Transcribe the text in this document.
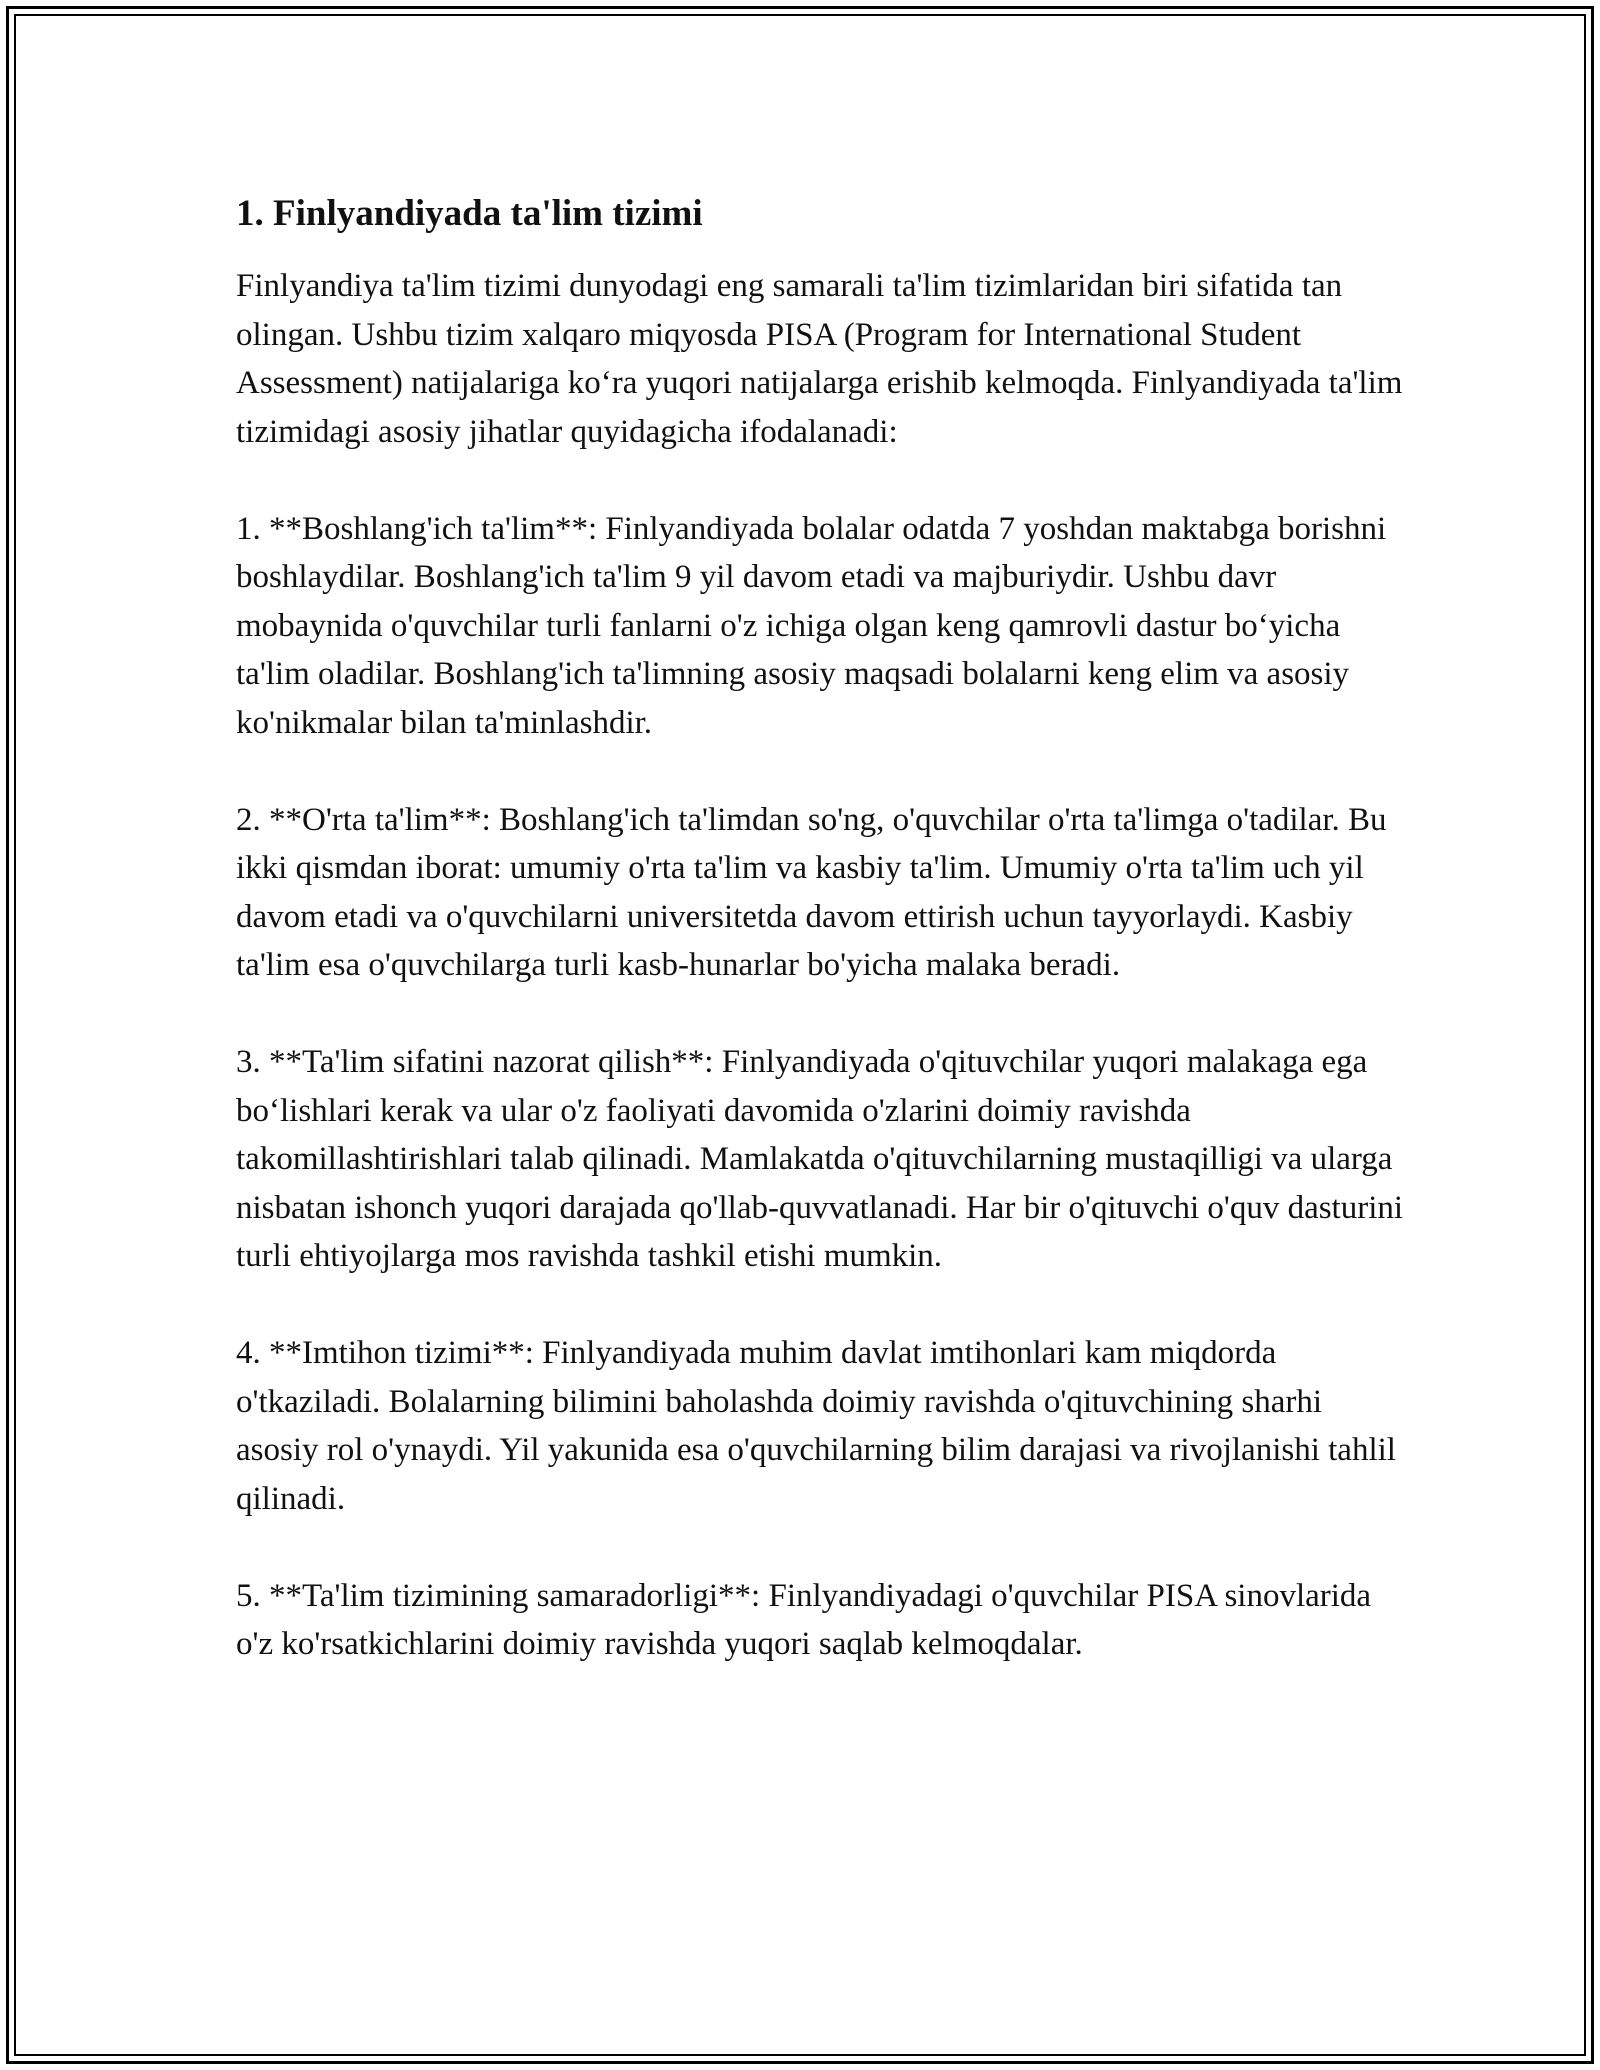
1. Finlyandiyada ta'lim tizimi

Finlyandiya ta'lim tizimi dunyodagi eng samarali ta'lim tizimlaridan biri sifatida tan olingan. Ushbu tizim xalqaro miqyosda PISA (Program for International Student Assessment) natijalariga ko‘ra yuqori natijalarga erishib kelmoqda. Finlyandiyada ta'lim tizimidagi asosiy jihatlar quyidagicha ifodalanadi:

1. **Boshlang'ich ta'lim**: Finlyandiyada bolalar odatda 7 yoshdan maktabga borishni boshlaydilar. Boshlang'ich ta'lim 9 yil davom etadi va majburiydir. Ushbu davr mobaynida o'quvchilar turli fanlarni o'z ichiga olgan keng qamrovli dastur bo‘yicha ta'lim oladilar. Boshlang'ich ta'limning asosiy maqsadi bolalarni keng elim va asosiy ko'nikmalar bilan ta'minlashdir.

2. **O'rta ta'lim**: Boshlang'ich ta'limdan so'ng, o'quvchilar o'rta ta'limga o'tadilar. Bu ikki qismdan iborat: umumiy o'rta ta'lim va kasbiy ta'lim. Umumiy o'rta ta'lim uch yil davom etadi va o'quvchilarni universitetda davom ettirish uchun tayyorlaydi. Kasbiy ta'lim esa o'quvchilarga turli kasb-hunarlar bo'yicha malaka beradi.

3. **Ta'lim sifatini nazorat qilish**: Finlyandiyada o'qituvchilar yuqori malakaga ega bo‘lishlari kerak va ular o'z faoliyati davomida o'zlarini doimiy ravishda takomillashtirishlari talab qilinadi. Mamlakatda o'qituvchilarning mustaqilligi va ularga nisbatan ishonch yuqori darajada qo'llab-quvvatlanadi. Har bir o'qituvchi o'quv dasturini turli ehtiyojlarga mos ravishda tashkil etishi mumkin.

4. **Imtihon tizimi**: Finlyandiyada muhim davlat imtihonlari kam miqdorda o'tkaziladi. Bolalarning bilimini baholashda doimiy ravishda o'qituvchining sharhi asosiy rol o'ynaydi. Yil yakunida esa o'quvchilarning bilim darajasi va rivojlanishi tahlil qilinadi.

5. **Ta'lim tizimining samaradorligi**: Finlyandiyadagi o'quvchilar PISA sinovlarida o'z ko'rsatkichlarini doimiy ravishda yuqori saqlab kelmoqdalar.
